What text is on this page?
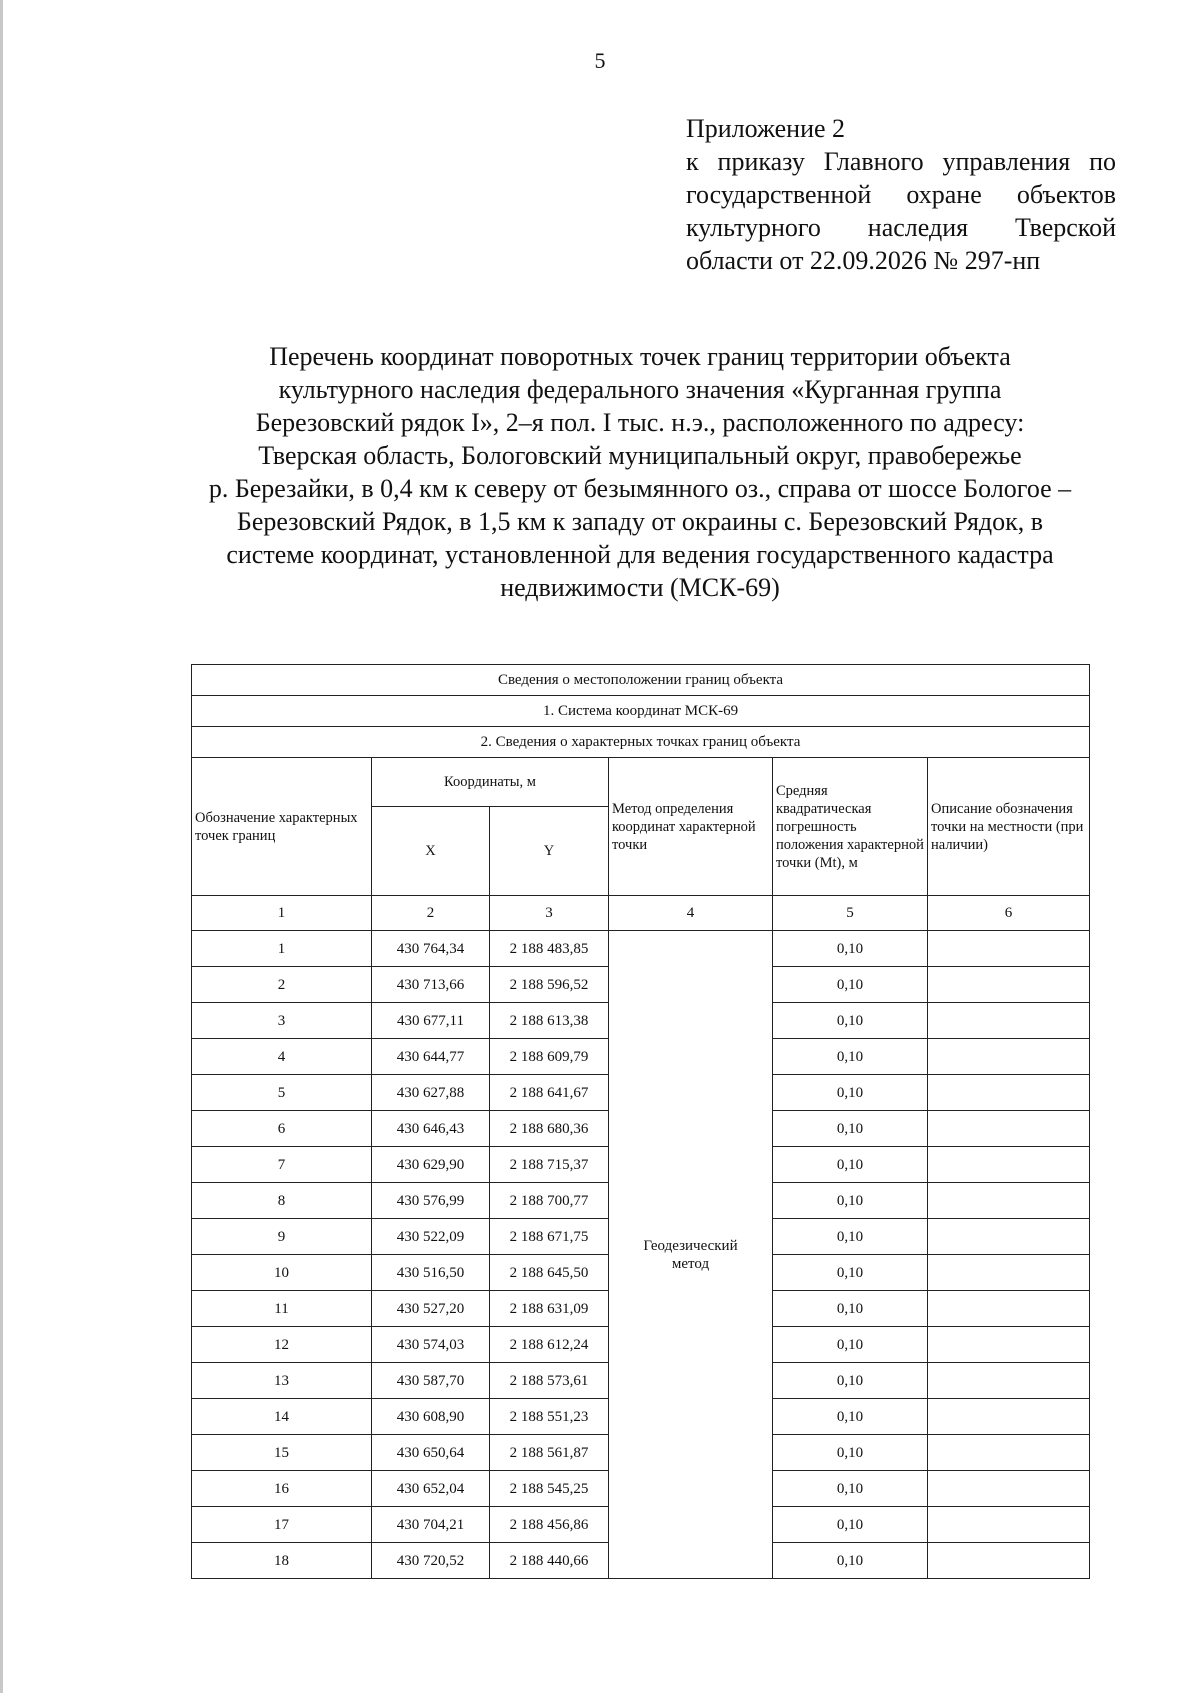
5
Приложение 2
к приказу Главного управления по
государственной охране объектов
культурного наследия Тверской
области от 22.09.2026 № 297-нп
Перечень координат поворотных точек границ территории объекта
культурного наследия федерального значения «Курганная группа
Березовский рядок I», 2–я пол. I тыс. н.э., расположенного по адресу:
Тверская область, Бологовский муниципальный округ, правобережье
р. Березайки, в 0,4 км к северу от безымянного оз., справа от шоссе Бологое –
Березовский Рядок, в 1,5 км к западу от окраины с. Березовский Рядок, в
системе координат, установленной для ведения государственного кадастра
недвижимости (МСК-69)
Сведения о местоположении границ объекта					
1. Система координат МСК-69					
2. Сведения о характерных точках границ объекта					
Обозначение характерных точек границ	Координаты, м		Метод определения координат характерной точки	Средняя квадратическая погрешность положения характерной точки (Mt), м	Описание обозначения точки на местности (при наличии)
	X	Y			
1	2	3	4	5	6
1	430 764,34	2 188 483,85	Геодезический метод	0,10	
2	430 713,66	2 188 596,52		0,10	
3	430 677,11	2 188 613,38		0,10	
4	430 644,77	2 188 609,79		0,10	
5	430 627,88	2 188 641,67		0,10	
6	430 646,43	2 188 680,36		0,10	
7	430 629,90	2 188 715,37		0,10	
8	430 576,99	2 188 700,77		0,10	
9	430 522,09	2 188 671,75		0,10	
10	430 516,50	2 188 645,50		0,10	
11	430 527,20	2 188 631,09		0,10	
12	430 574,03	2 188 612,24		0,10	
13	430 587,70	2 188 573,61		0,10	
14	430 608,90	2 188 551,23		0,10	
15	430 650,64	2 188 561,87		0,10	
16	430 652,04	2 188 545,25		0,10	
17	430 704,21	2 188 456,86		0,10	
18	430 720,52	2 188 440,66		0,10	
